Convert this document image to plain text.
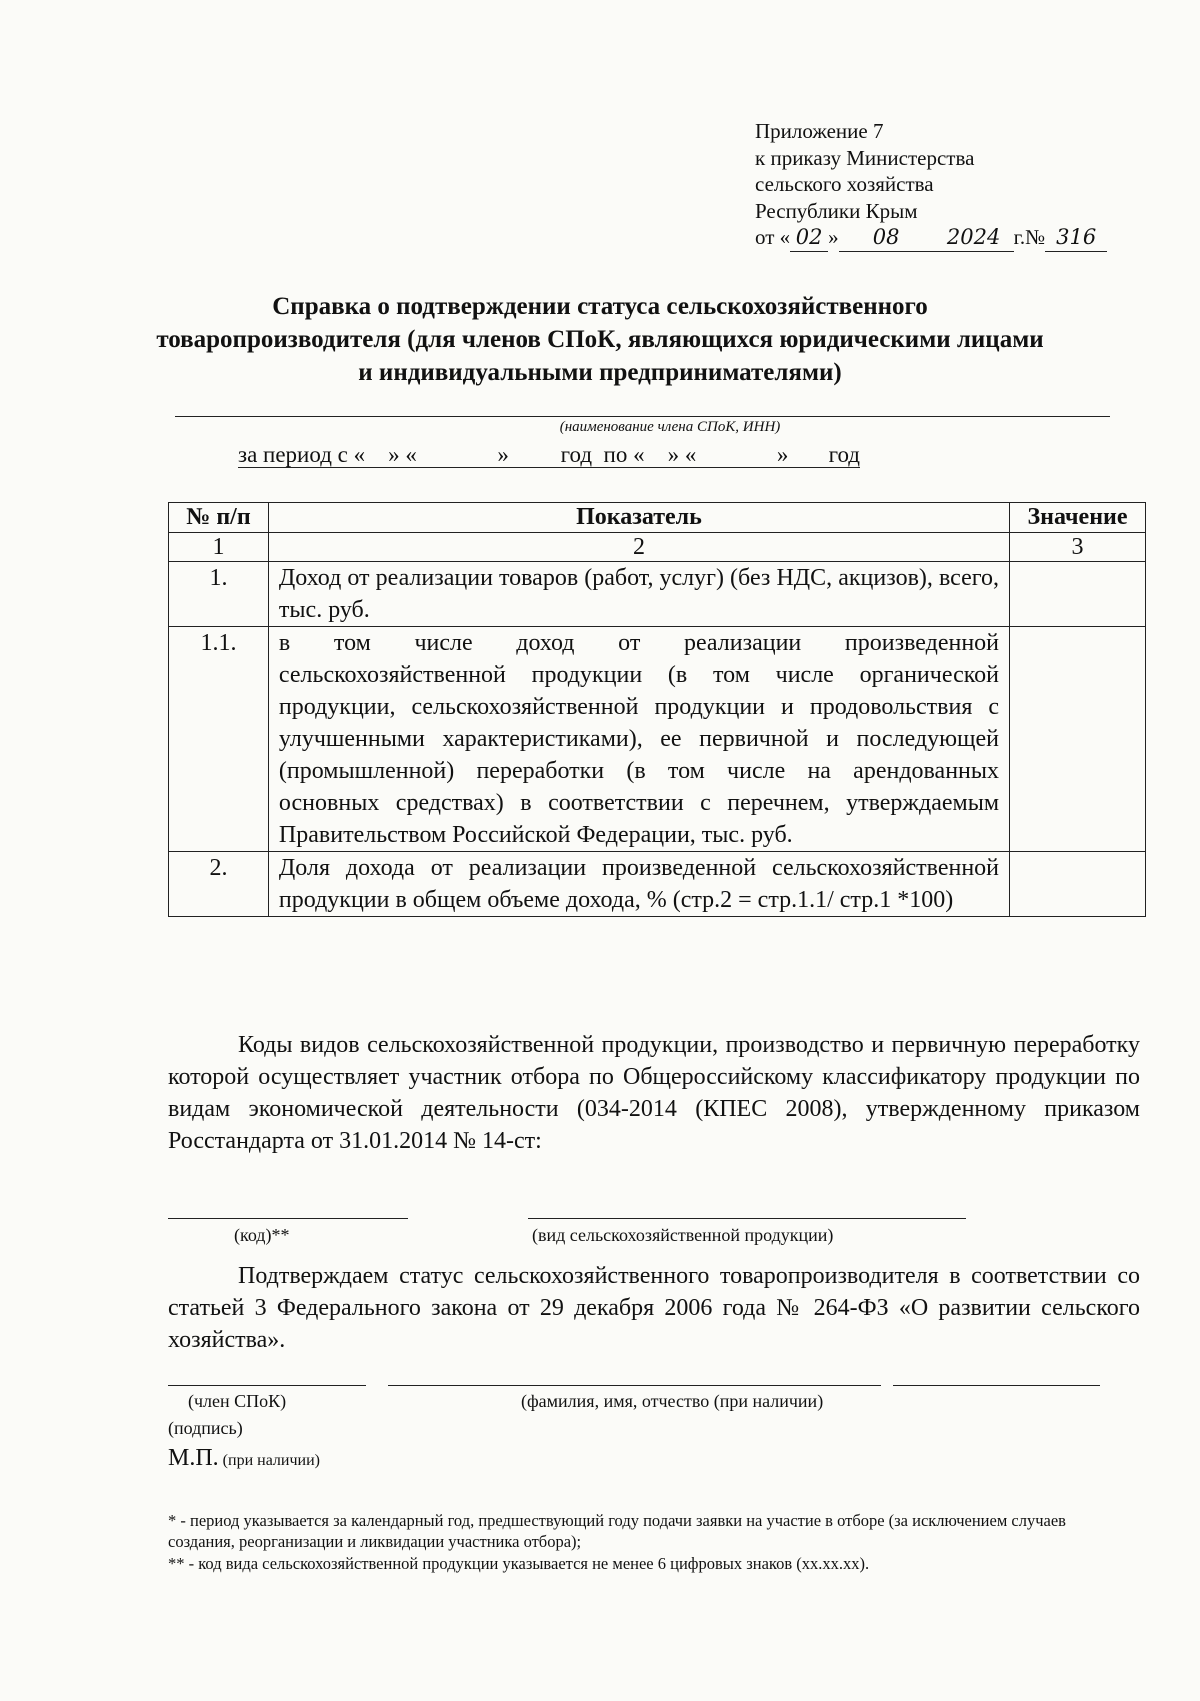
Приложение 7
к приказу Министерства
сельского хозяйства
Республики Крым
от « 02 » 08 2024 г.№ 316
Справка о подтверждении статуса сельскохозяйственного товаропроизводителя (для членов СПоК, являющихся юридическими лицами и индивидуальными предпринимателями)
(наименование члена СПоК, ИНН)
за период с «    » «              »         год  по «    » «              »       год
№ п/п	Показатель	Значение
1	2	3
1.	Доход от реализации товаров (работ, услуг) (без НДС, акцизов), всего, тыс. руб.	
1.1.	в том числе доход от реализации произведенной сельскохозяйственной продукции (в том числе органической продукции, сельскохозяйственной продукции и продовольствия с улучшенными характеристиками), ее первичной и последующей (промышленной) переработки (в том числе на арендованных основных средствах) в соответствии с перечнем, утверждаемым Правительством Российской Федерации, тыс. руб.	
2.	Доля дохода от реализации произведенной сельскохозяйственной продукции в общем объеме дохода, % (стр.2 = стр.1.1/ стр.1 *100)	
Коды видов сельскохозяйственной продукции, производство и первичную переработку которой осуществляет участник отбора по Общероссийскому классификатору продукции по видам экономической деятельности (034-2014 (КПЕС 2008), утвержденному приказом Росстандарта от 31.01.2014 № 14-ст:
(код)**	(вид сельскохозяйственной продукции)
Подтверждаем статус сельскохозяйственного товаропроизводителя в соответствии со статьей 3 Федерального закона от 29 декабря 2006 года № 264-ФЗ «О развитии сельского хозяйства».
(член СПоК)	(фамилия, имя, отчество (при наличии)
(подпись)
М.П. (при наличии)
* - период указывается за календарный год, предшествующий году подачи заявки на участие в отборе (за исключением случаев создания, реорганизации и ликвидации участника отбора);
** - код вида сельскохозяйственной продукции указывается не менее 6 цифровых знаков (хх.хх.хх).
